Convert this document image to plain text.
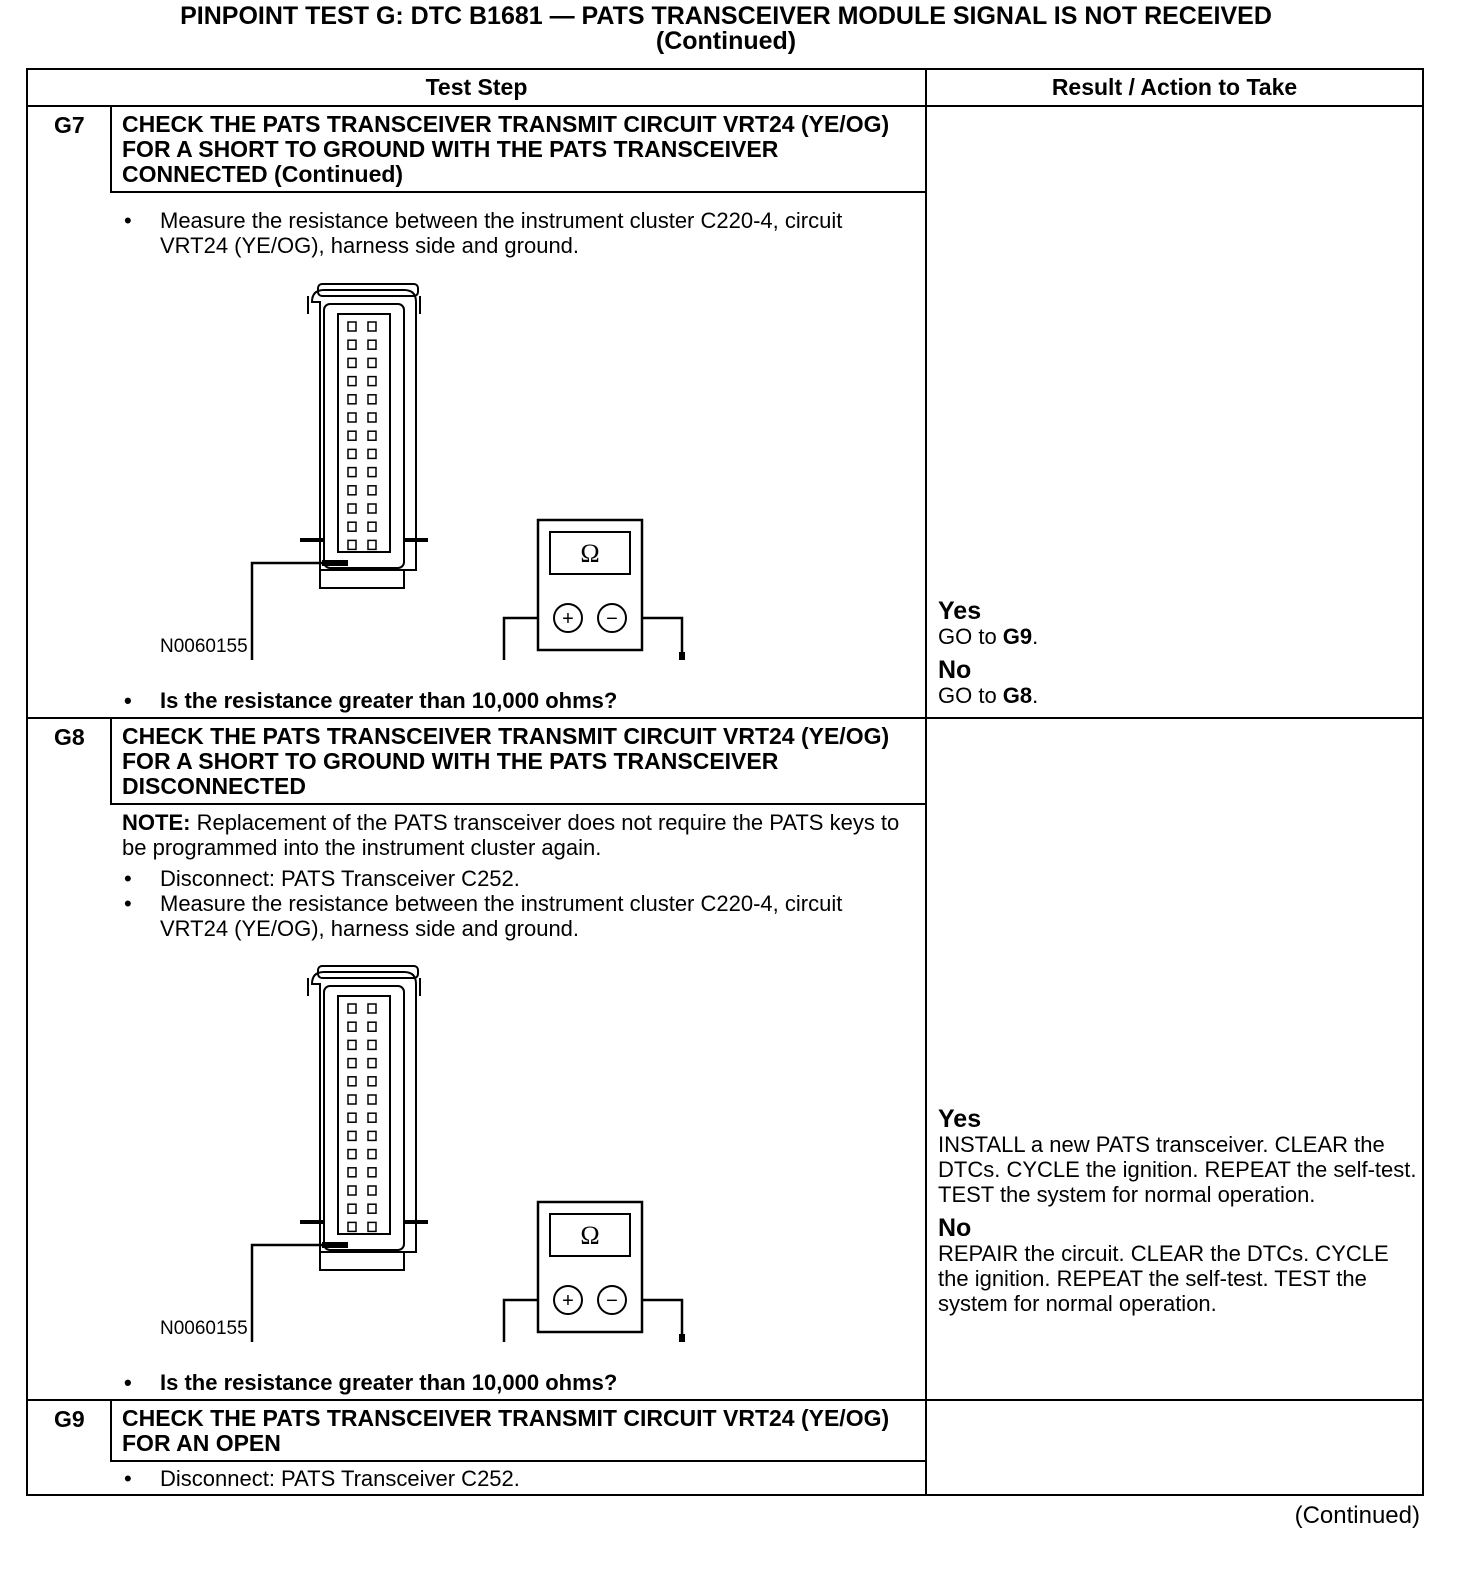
PINPOINT TEST G: DTC B1681 — PATS TRANSCEIVER MODULE SIGNAL IS NOT RECEIVED
(Continued)
Test Step	Result / Action to Take
G7 CHECK THE PATS TRANSCEIVER TRANSMIT CIRCUIT VRT24 (YE/OG) FOR A SHORT TO GROUND WITH THE PATS TRANSCEIVER CONNECTED (Continued)
• Measure the resistance between the instrument cluster C220-4, circuit VRT24 (YE/OG), harness side and ground.
Ω
+ −
N0060155
• Is the resistance greater than 10,000 ohms?
Yes
GO to G9.
No
GO to G8.
G8 CHECK THE PATS TRANSCEIVER TRANSMIT CIRCUIT VRT24 (YE/OG) FOR A SHORT TO GROUND WITH THE PATS TRANSCEIVER DISCONNECTED
NOTE: Replacement of the PATS transceiver does not require the PATS keys to be programmed into the instrument cluster again.
• Disconnect: PATS Transceiver C252.
• Measure the resistance between the instrument cluster C220-4, circuit VRT24 (YE/OG), harness side and ground.
Ω
+ −
N0060155
• Is the resistance greater than 10,000 ohms?
Yes
INSTALL a new PATS transceiver. CLEAR the DTCs. CYCLE the ignition. REPEAT the self-test. TEST the system for normal operation.
No
REPAIR the circuit. CLEAR the DTCs. CYCLE the ignition. REPEAT the self-test. TEST the system for normal operation.
G9 CHECK THE PATS TRANSCEIVER TRANSMIT CIRCUIT VRT24 (YE/OG) FOR AN OPEN
• Disconnect: PATS Transceiver C252.
(Continued)
